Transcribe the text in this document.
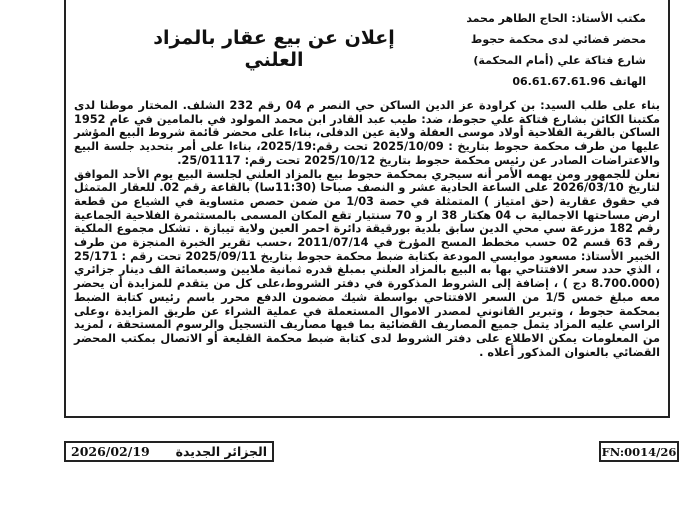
مكتب الأستاذ: الحاج الطاهر محمد
محضر قضائي لدى محكمة حجوط
شارع فتاكة علي (أمام المحكمة)
الهاتف 06.61.67.61.96
إعلان عن بيع عقار بالمزاد العلني

بناء على طلب السيد: بن كراودة عز الدين الساكن حي النصر م 04 رقم 232 الشلف. المختار موطنا لدى مكتبنا الكائن بشارع فتاكة علي حجوط، ضد: طيب عبد القادر ابن محمد المولود في بالمامين في عام 1952 الساكن بالقرية الفلاحية أولاد موسى العفلة ولاية عين الدفلى، بناءا على محضر قائمة شروط البيع المؤشر عليها من طرف محكمة حجوط بتاريخ : 2025/10/09 تحت رقم:2025/19، بناءا على أمر بتحديد جلسة البيع والاعتراضات الصادر عن رئيس محكمة حجوط بتاريخ 2025/10/12 تحت رقم: 25/01117.

نعلن للجمهور ومن يهمه الأمر أنه سيجري بمحكمة حجوط بيع بالمزاد العلني لجلسة البيع يوم الأحد الموافق لتاريخ 2026/03/10 على الساعة الحادية عشر و النصف صباحا (11:30سا) بالقاعة رقم 02. للعقار المتمثل في حقوق عقارية (حق امتياز ) المتمثلة في حصة 1/03 من ضمن حصص متساوية في الشياع من قطعة ارض مساحتها الاجمالية ب 04 هكتار 38 ار و 70 سنتيار تقع المكان المسمى بالمستثمرة الفلاحية الجماعية رقم 182 مزرعة سي محي الدين سابق بلدية بورقيقة دائرة احمر العين ولاية تيبازة . تشكل مجموع الملكية رقم 63 قسم 02 حسب مخطط المسح المؤرخ في 2011/07/14 ،حسب تقرير الخبرة المنجزة من طرف الخبير الأستاذ: مسعود موايسي المودعة بكتابة ضبط محكمة حجوط بتاريخ 2025/09/11 تحت رقم : 25/171 ، الذي حدد سعر الافتتاحي بها به البيع بالمزاد العلني بمبلغ قدره ثمانية ملايين وسبعمائة الف دينار جزائري (8.700.000 دج ) ، إضافة إلى الشروط المذكورة في دفتر الشروط،على كل من يتقدم للمزايدة أن يحضر معه مبلغ خمس 1/5 من السعر الافتتاحي بواسطة شيك مضمون الدفع محرر باسم رئيس كتابة الضبط بمحكمة حجوط ، وتبرير القانوني لمصدر الاموال المستعملة في عملية الشراء عن طريق المزايدة ،وعلى الراسي عليه المزاد يتمل جميع المصاريف القضائية بما فيها مصاريف التسجيل والرسوم المستحقة ، لمزيد من المعلومات يمكن الاطلاع على دفتر الشروط لدى كتابة ضبط محكمة القليعة أو الاتصال بمكتب المحضر القضائي بالعنوان المذكور أعلاه .

2026/02/19 الجزائر الجديدة	FN:0014/26
